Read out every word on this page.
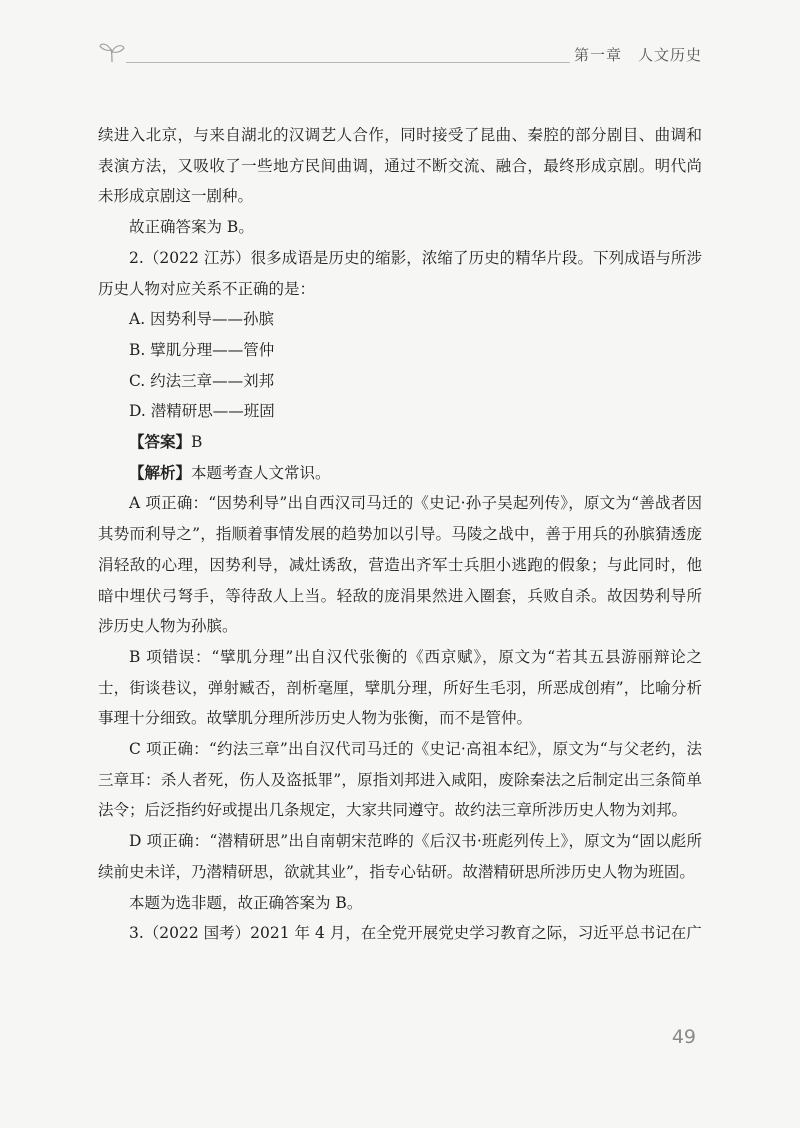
第一章　人文历史

续进入北京，与来自湖北的汉调艺人合作，同时接受了昆曲、秦腔的部分剧目、曲调和表演方法，又吸收了一些地方民间曲调，通过不断交流、融合，最终形成京剧。明代尚未形成京剧这一剧种。

故正确答案为 B。

2.（2022 江苏）很多成语是历史的缩影，浓缩了历史的精华片段。下列成语与所涉历史人物对应关系不正确的是：

A. 因势利导——孙膑

B. 擘肌分理——管仲

C. 约法三章——刘邦

D. 潜精研思——班固

【答案】B

【解析】本题考查人文常识。

A 项正确：“因势利导”出自西汉司马迁的《史记·孙子吴起列传》，原文为“善战者因其势而利导之”，指顺着事情发展的趋势加以引导。马陵之战中，善于用兵的孙膑猜透庞涓轻敌的心理，因势利导，减灶诱敌，营造出齐军士兵胆小逃跑的假象；与此同时，他暗中埋伏弓弩手，等待敌人上当。轻敌的庞涓果然进入圈套，兵败自杀。故因势利导所涉历史人物为孙膑。

B 项错误：“擘肌分理”出自汉代张衡的《西京赋》，原文为“若其五县游丽辩论之士，街谈巷议，弹射臧否，剖析毫厘，擘肌分理，所好生毛羽，所恶成创痏”，比喻分析事理十分细致。故擘肌分理所涉历史人物为张衡，而不是管仲。

C 项正确：“约法三章”出自汉代司马迁的《史记·高祖本纪》，原文为“与父老约，法三章耳：杀人者死，伤人及盗抵罪”，原指刘邦进入咸阳，废除秦法之后制定出三条简单法令；后泛指约好或提出几条规定，大家共同遵守。故约法三章所涉历史人物为刘邦。

D 项正确：“潜精研思”出自南朝宋范晔的《后汉书·班彪列传上》，原文为“固以彪所续前史未详，乃潜精研思，欲就其业”，指专心钻研。故潜精研思所涉历史人物为班固。

本题为选非题，故正确答案为 B。

3.（2022 国考）2021 年 4 月，在全党开展党史学习教育之际，习近平总书记在广

49
